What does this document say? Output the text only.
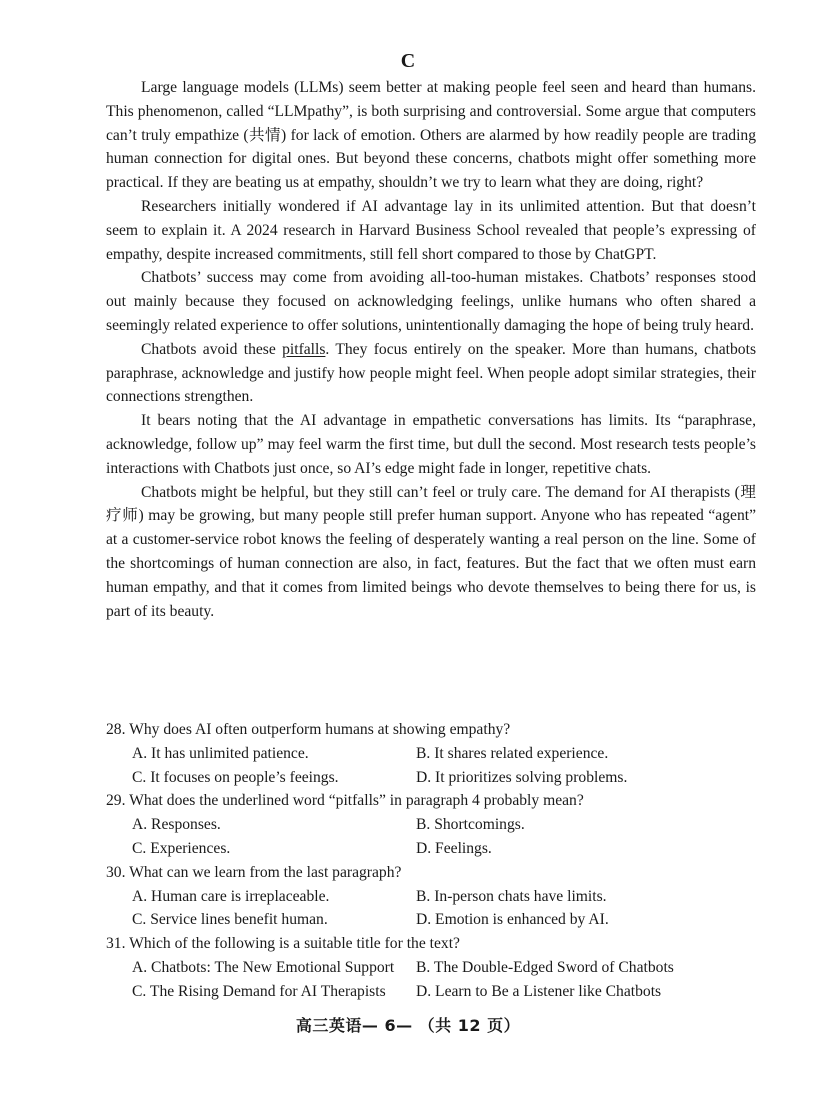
C

Large language models (LLMs) seem better at making people feel seen and heard than humans. This phenomenon, called “LLMpathy”, is both surprising and controversial. Some argue that computers can’t truly empathize (共情) for lack of emotion. Others are alarmed by how readily people are trading human connection for digital ones. But beyond these concerns, chatbots might offer something more practical. If they are beating us at empathy, shouldn’t we try to learn what they are doing, right?

Researchers initially wondered if AI advantage lay in its unlimited attention. But that doesn’t seem to explain it. A 2024 research in Harvard Business School revealed that people’s expressing of empathy, despite increased commitments, still fell short compared to those by ChatGPT.

Chatbots’ success may come from avoiding all-too-human mistakes. Chatbots’ responses stood out mainly because they focused on acknowledging feelings, unlike humans who often shared a seemingly related experience to offer solutions, unintentionally damaging the hope of being truly heard.

Chatbots avoid these pitfalls. They focus entirely on the speaker. More than humans, chatbots paraphrase, acknowledge and justify how people might feel. When people adopt similar strategies, their connections strengthen.

It bears noting that the AI advantage in empathetic conversations has limits. Its “paraphrase, acknowledge, follow up” may feel warm the first time, but dull the second. Most research tests people’s interactions with Chatbots just once, so AI’s edge might fade in longer, repetitive chats.

Chatbots might be helpful, but they still can’t feel or truly care. The demand for AI therapists (理疗师) may be growing, but many people still prefer human support. Anyone who has repeated “agent” at a customer-service robot knows the feeling of desperately wanting a real person on the line. Some of the shortcomings of human connection are also, in fact, features. But the fact that we often must earn human empathy, and that it comes from limited beings who devote themselves to being there for us, is part of its beauty.

28. Why does AI often outperform humans at showing empathy?

A. It has unlimited patience.	B. It shares related experience.
C. It focuses on people’s feeings.	D. It prioritizes solving problems.

29. What does the underlined word “pitfalls” in paragraph 4 probably mean?

A. Responses.	B. Shortcomings.
C. Experiences.	D. Feelings.

30. What can we learn from the last paragraph?

A. Human care is irreplaceable.	B. In-person chats have limits.
C. Service lines benefit human.	D. Emotion is enhanced by AI.

31. Which of the following is a suitable title for the text?

A. Chatbots: The New Emotional Support	B. The Double-Edged Sword of Chatbots
C. The Rising Demand for AI Therapists	D. Learn to Be a Listener like Chatbots
高三英语— 6— （共 12 页）
